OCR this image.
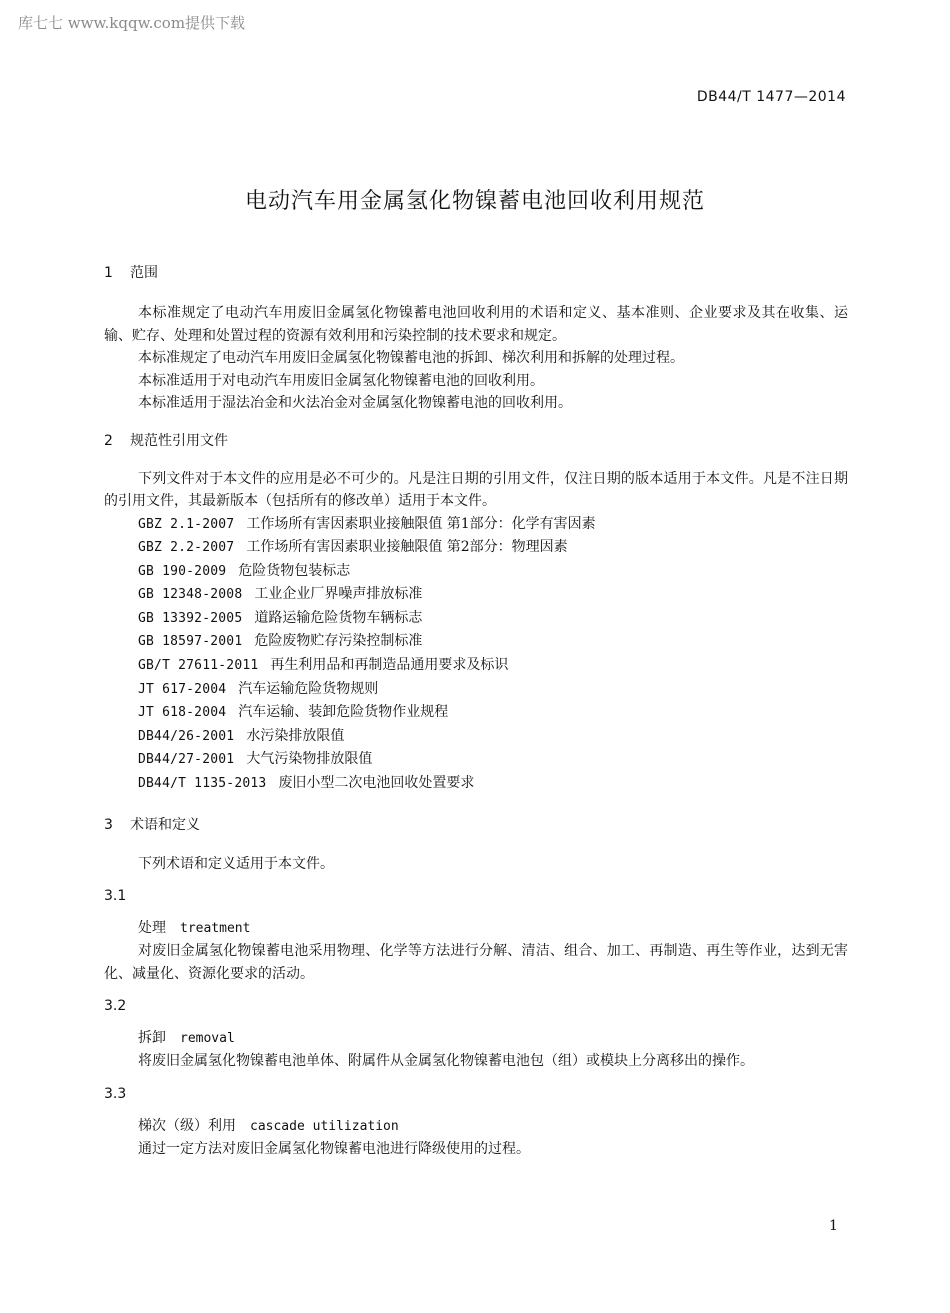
库七七 www.kqqw.com提供下载
DB44/T 1477—2014
电动汽车用金属氢化物镍蓄电池回收利用规范
1 范围

本标准规定了电动汽车用废旧金属氢化物镍蓄电池回收利用的术语和定义、基本准则、企业要求及其在收集、运输、贮存、处理和处置过程的资源有效利用和污染控制的技术要求和规定。

本标准规定了电动汽车用废旧金属氢化物镍蓄电池的拆卸、梯次利用和拆解的处理过程。

本标准适用于对电动汽车用废旧金属氢化物镍蓄电池的回收利用。

本标准适用于湿法冶金和火法冶金对金属氢化物镍蓄电池的回收利用。

2 规范性引用文件

下列文件对于本文件的应用是必不可少的。凡是注日期的引用文件，仅注日期的版本适用于本文件。凡是不注日期的引用文件，其最新版本（包括所有的修改单）适用于本文件。

GBZ 2.1-2007 工作场所有害因素职业接触限值 第1部分：化学有害因素
GBZ 2.2-2007 工作场所有害因素职业接触限值 第2部分：物理因素
GB 190-2009 危险货物包装标志
GB 12348-2008 工业企业厂界噪声排放标准
GB 13392-2005 道路运输危险货物车辆标志
GB 18597-2001 危险废物贮存污染控制标准
GB/T 27611-2011 再生利用品和再制造品通用要求及标识
JT 617-2004 汽车运输危险货物规则
JT 618-2004 汽车运输、装卸危险货物作业规程
DB44/26-2001 水污染排放限值
DB44/27-2001 大气污染物排放限值
DB44/T 1135-2013 废旧小型二次电池回收处置要求
3 术语和定义

下列术语和定义适用于本文件。

3.1
处理 treatment

对废旧金属氢化物镍蓄电池采用物理、化学等方法进行分解、清洁、组合、加工、再制造、再生等作业，达到无害化、减量化、资源化要求的活动。

3.2
拆卸 removal

将废旧金属氢化物镍蓄电池单体、附属件从金属氢化物镍蓄电池包（组）或模块上分离移出的操作。

3.3
梯次（级）利用 cascade utilization

通过一定方法对废旧金属氢化物镍蓄电池进行降级使用的过程。

1
